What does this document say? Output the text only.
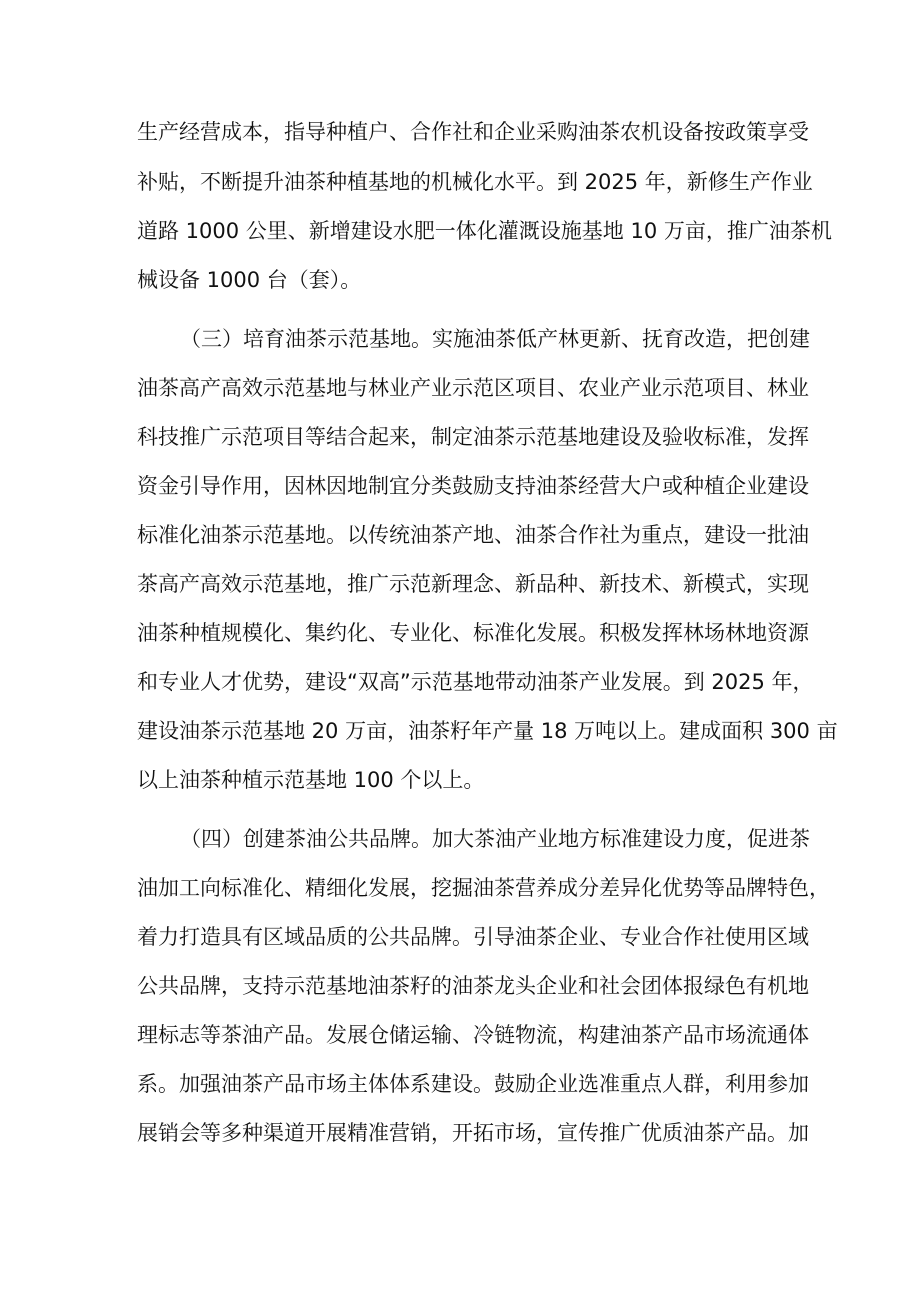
生产经营成本，指导种植户、合作社和企业采购油茶农机设备按政策享受
补贴，不断提升油茶种植基地的机械化水平。到 2025 年，新修生产作业
道路 1000 公里、新增建设水肥一体化灌溉设施基地 10 万亩，推广油茶机
械设备 1000 台（套）。
（三）培育油茶示范基地。实施油茶低产林更新、抚育改造，把创建
油茶高产高效示范基地与林业产业示范区项目、农业产业示范项目、林业
科技推广示范项目等结合起来，制定油茶示范基地建设及验收标准，发挥
资金引导作用，因林因地制宜分类鼓励支持油茶经营大户或种植企业建设
标准化油茶示范基地。以传统油茶产地、油茶合作社为重点，建设一批油
茶高产高效示范基地，推广示范新理念、新品种、新技术、新模式，实现
油茶种植规模化、集约化、专业化、标准化发展。积极发挥林场林地资源
和专业人才优势，建设“双高”示范基地带动油茶产业发展。到 2025 年，
建设油茶示范基地 20 万亩，油茶籽年产量 18 万吨以上。建成面积 300 亩
以上油茶种植示范基地 100 个以上。
（四）创建茶油公共品牌。加大茶油产业地方标准建设力度，促进茶
油加工向标准化、精细化发展，挖掘油茶营养成分差异化优势等品牌特色，
着力打造具有区域品质的公共品牌。引导油茶企业、专业合作社使用区域
公共品牌，支持示范基地油茶籽的油茶龙头企业和社会团体报绿色有机地
理标志等茶油产品。发展仓储运输、冷链物流，构建油茶产品市场流通体
系。加强油茶产品市场主体体系建设。鼓励企业选准重点人群，利用参加
展销会等多种渠道开展精准营销，开拓市场，宣传推广优质油茶产品。加
